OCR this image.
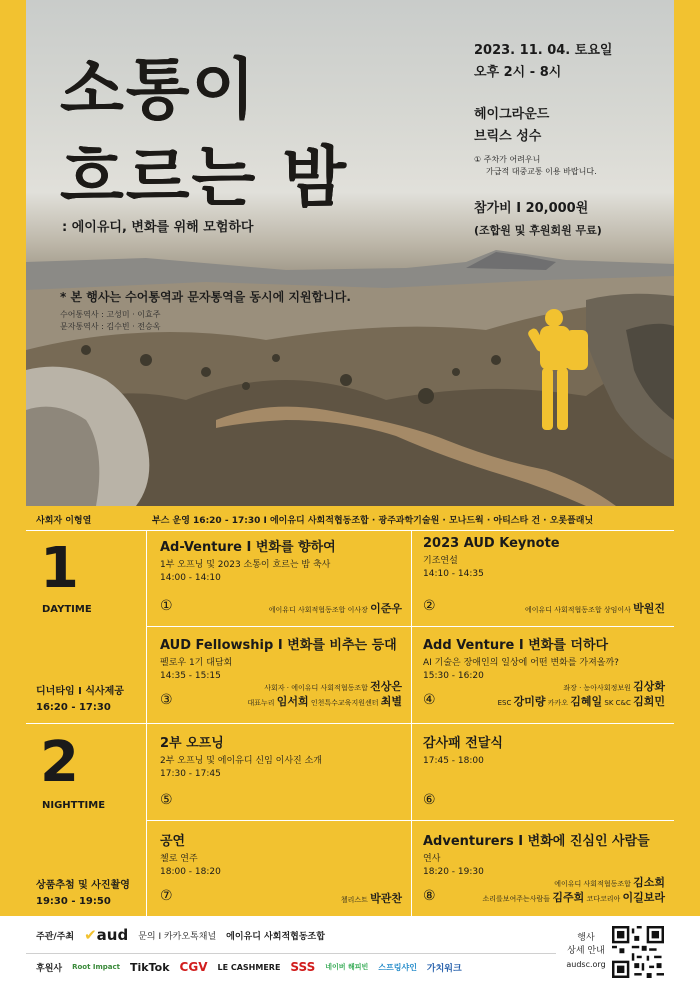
소통이
흐르는 밤
: 에이유디, 변화를 위해 모험하다
2023. 11. 04. 토요일
오후 2시 - 8시
헤이그라운드
브릭스 성수
① 주차가 어려우니
가급적 대중교통 이용 바랍니다.
참가비 I 20,000원
(조합원 및 후원회원 무료)
* 본 행사는 수어통역과 문자통역을 동시에 지원합니다.
수어통역사 : 고성미 · 이효주
문자통역사 : 김수빈 · 전승옥
사회자 이형열	부스 운영 16:20 - 17:30 I 에이유디 사회적협동조합 · 광주과학기술원 · 모나드웍 · 아티스타 건 · 오롯플래닛
1
DAYTIME
디너타임 I 식사제공
16:20 - 17:30
2
NIGHTTIME
상품추첨 및 사진촬영
19:30 - 19:50
Ad-Venture I 변화를 향하여
1부 오프닝 및 2023 소통이 흐르는 밤 축사
14:00 - 14:10
①	에이유디 사회적협동조합 이사장 이준우
2023 AUD Keynote
기조연설
14:10 - 14:35
②	에이유디 사회적협동조합 상임이사 박원진
AUD Fellowship I 변화를 비추는 등대
펠로우 1기 대담회
14:35 - 15:15
③
사회자 · 에이유디 사회적협동조합 전상은
대표누리 임서희 인천특수교육지원센터 최별
Add Venture I 변화를 더하다
AI 기술은 장애인의 일상에 어떤 변화를 가져올까?
15:30 - 16:20
④
좌장 · 농아사회정보원 김상화
ESC 강미량 카카오 김혜일 SK C&C 김희민
2부 오프닝
2부 오프닝 및 에이유디 신임 이사진 소개
17:30 - 17:45
⑤
감사패 전달식
17:45 - 18:00
⑥
공연
첼로 연주
18:00 - 18:20
⑦	첼리스트 박관찬
Adventurers I 변화에 진심인 사람들
연사
18:20 - 19:30
⑧
에이유디 사회적협동조합 김소희
소리를보여주는사람들 김주희 코다코리아 이길보라
주관/주최 ✔aud 문의 I 카카오톡채널 에이유디 사회적협동조합
후원사 Root Impact TikTok CGV LE CASHMERE SSS 네이버 해피빈 스프링샤인 가치워크
행사
상세 안내
audsc.org
